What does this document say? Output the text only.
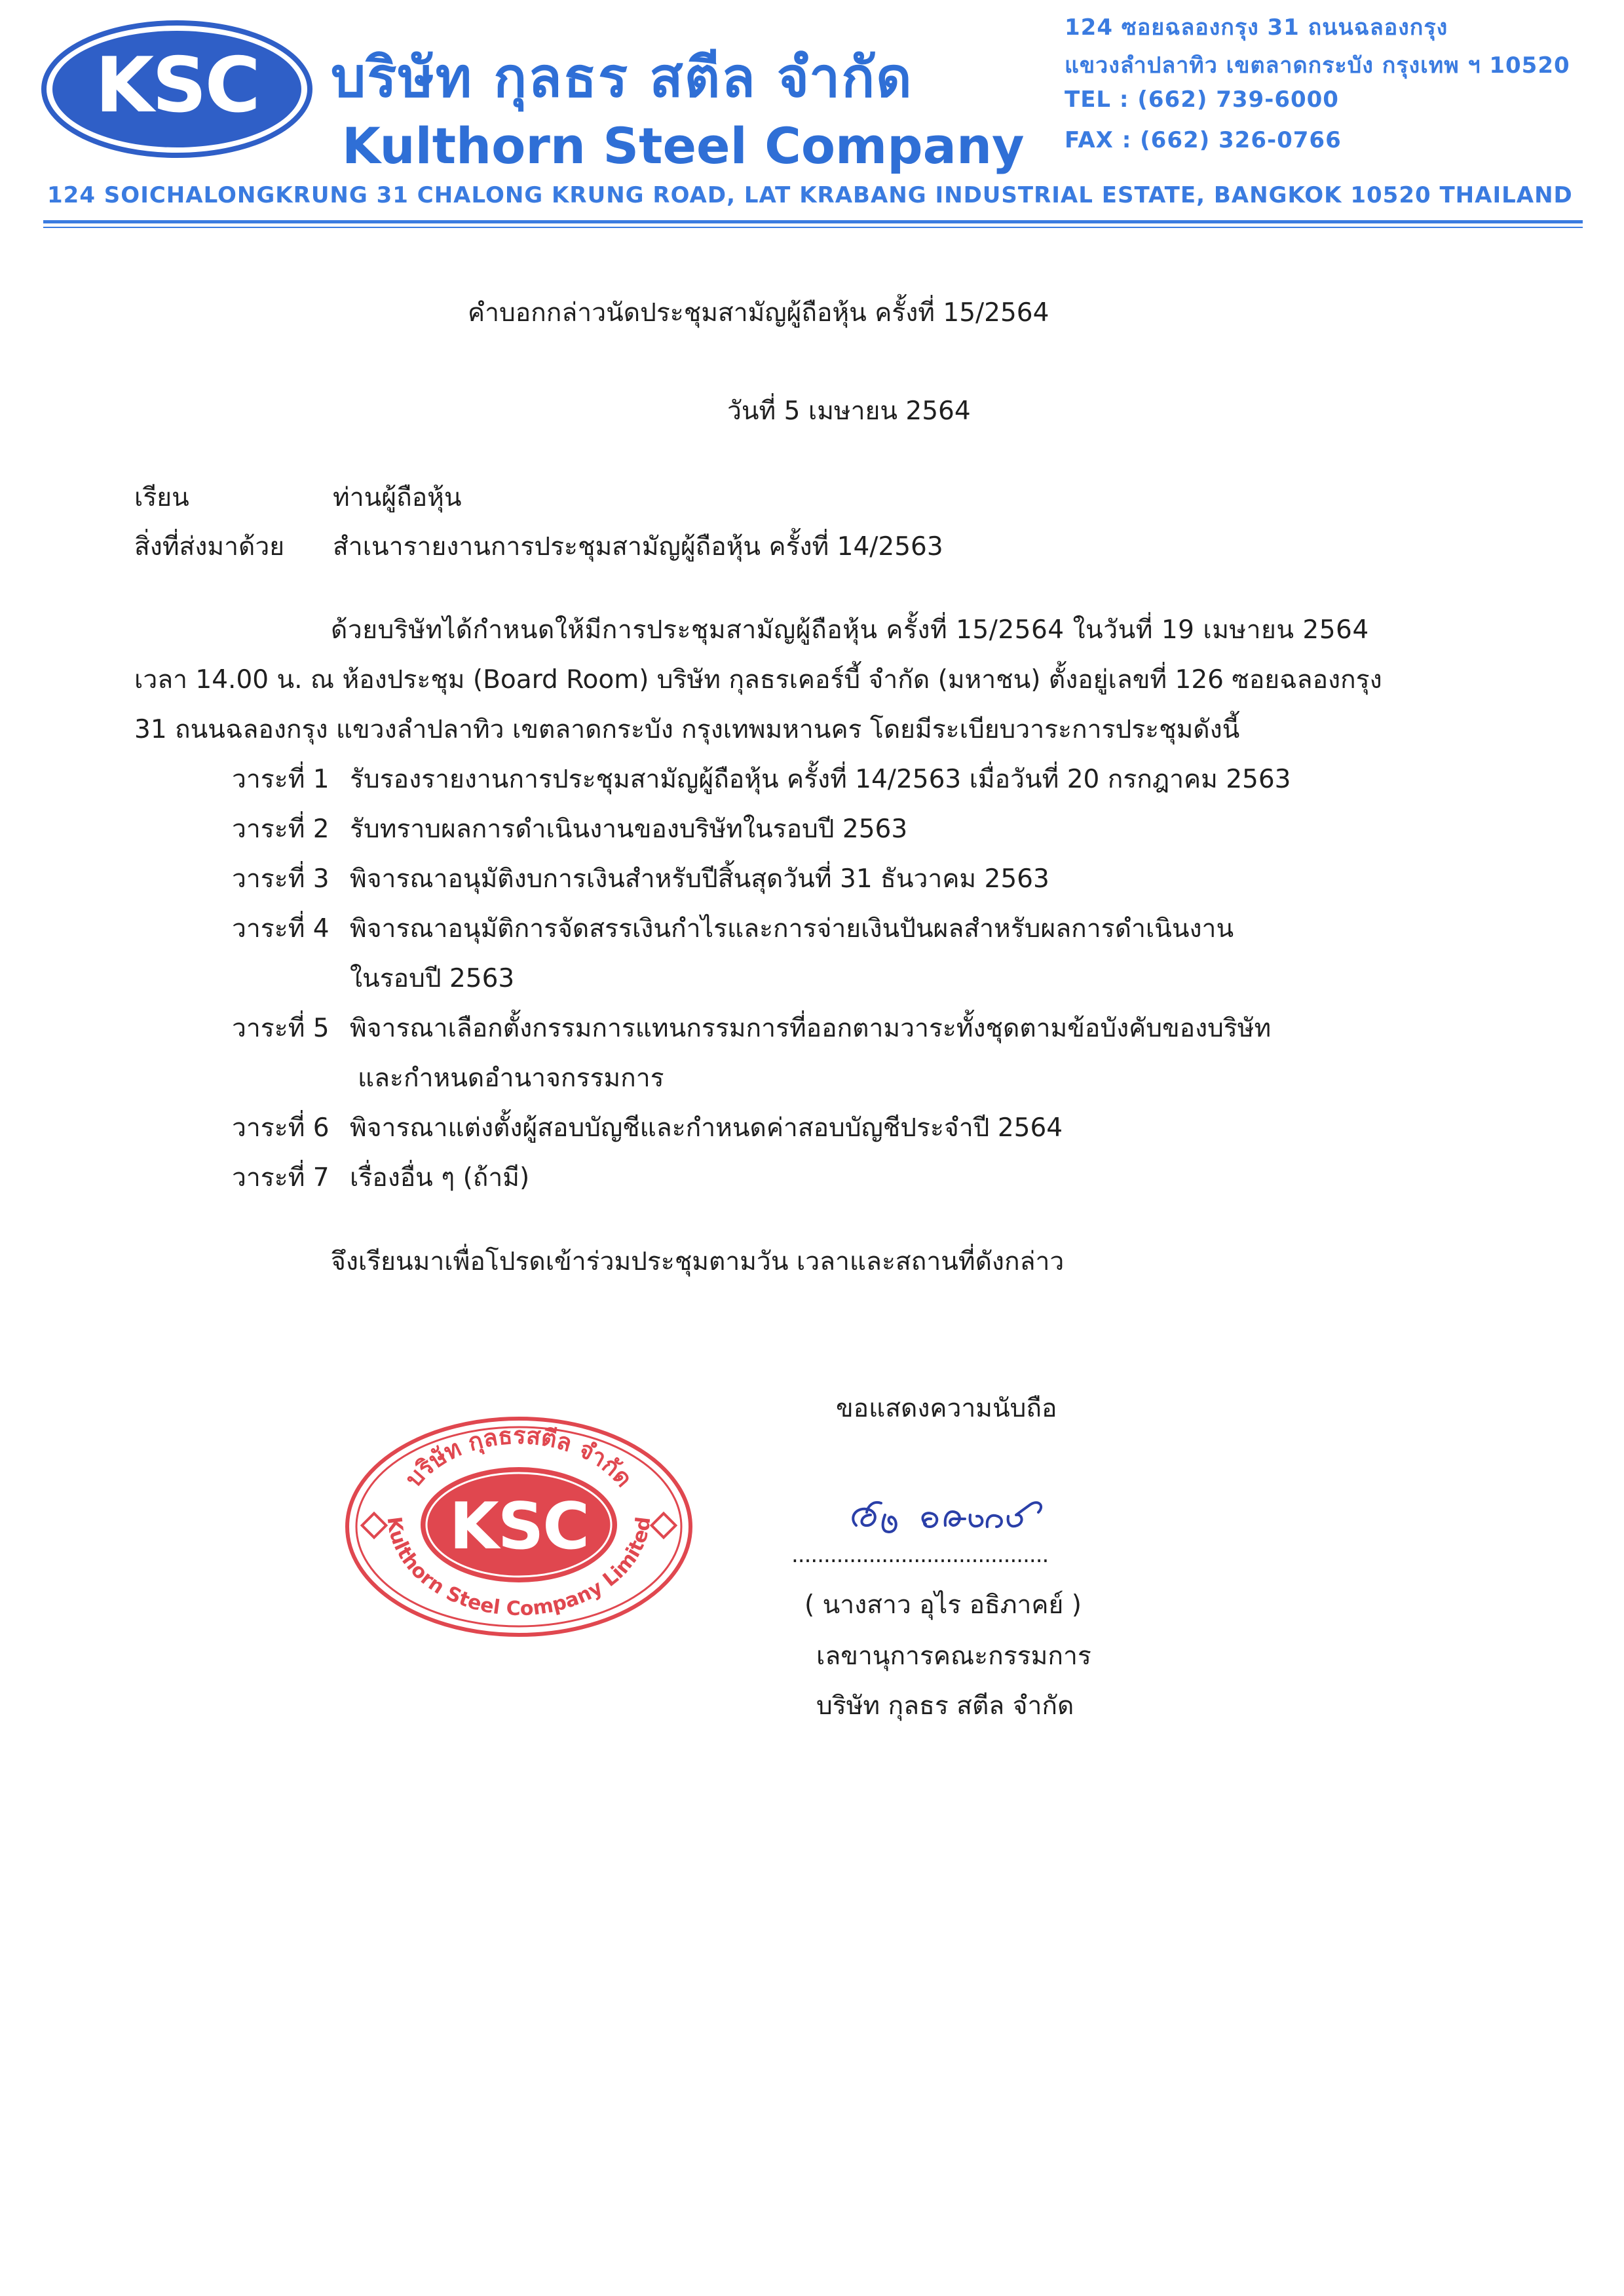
KSC บริษัท กุลธร สตีล จำกัด
Kulthorn Steel Company
124 ซอยฉลองกรุง 31 ถนนฉลองกรุง
แขวงลำปลาทิว เขตลาดกระบัง กรุงเทพ ฯ 10520
TEL : (662) 739-6000
FAX : (662) 326-0766
124 SOICHALONGKRUNG 31 CHALONG KRUNG ROAD, LAT KRABANG INDUSTRIAL ESTATE, BANGKOK 10520 THAILAND
คำบอกกล่าวนัดประชุมสามัญผู้ถือหุ้น ครั้งที่ 15/2564
วันที่ 5 เมษายน 2564
เรียน	ท่านผู้ถือหุ้น
สิ่งที่ส่งมาด้วย สำเนารายงานการประชุมสามัญผู้ถือหุ้น ครั้งที่ 14/2563
ด้วยบริษัทได้กำหนดให้มีการประชุมสามัญผู้ถือหุ้น ครั้งที่ 15/2564 ในวันที่ 19 เมษายน 2564
เวลา 14.00 น. ณ ห้องประชุม (Board Room) บริษัท กุลธรเคอร์บี้ จำกัด (มหาชน) ตั้งอยู่เลขที่ 126 ซอยฉลองกรุง
31 ถนนฉลองกรุง แขวงลำปลาทิว เขตลาดกระบัง กรุงเทพมหานคร โดยมีระเบียบวาระการประชุมดังนี้
วาระที่ 1 รับรองรายงานการประชุมสามัญผู้ถือหุ้น ครั้งที่ 14/2563 เมื่อวันที่ 20 กรกฎาคม 2563
วาระที่ 2 รับทราบผลการดำเนินงานของบริษัทในรอบปี 2563
วาระที่ 3 พิจารณาอนุมัติงบการเงินสำหรับปีสิ้นสุดวันที่ 31 ธันวาคม 2563
วาระที่ 4 พิจารณาอนุมัติการจัดสรรเงินกำไรและการจ่ายเงินปันผลสำหรับผลการดำเนินงาน
ในรอบปี 2563
วาระที่ 5 พิจารณาเลือกตั้งกรรมการแทนกรรมการที่ออกตามวาระทั้งชุดตามข้อบังคับของบริษัท
และกำหนดอำนาจกรรมการ
วาระที่ 6 พิจารณาแต่งตั้งผู้สอบบัญชีและกำหนดค่าสอบบัญชีประจำปี 2564
วาระที่ 7 เรื่องอื่น ๆ (ถ้ามี)
จึงเรียนมาเพื่อโปรดเข้าร่วมประชุมตามวัน เวลาและสถานที่ดังกล่าว
ขอแสดงความนับถือ
........................................
( นางสาว อุไร อธิภาคย์ )
เลขานุการคณะกรรมการ
บริษัท กุลธร สตีล จำกัด
บริษัท กุลธรสตีล จำกัด
Kulthorn Steel Company Limited
KSC
